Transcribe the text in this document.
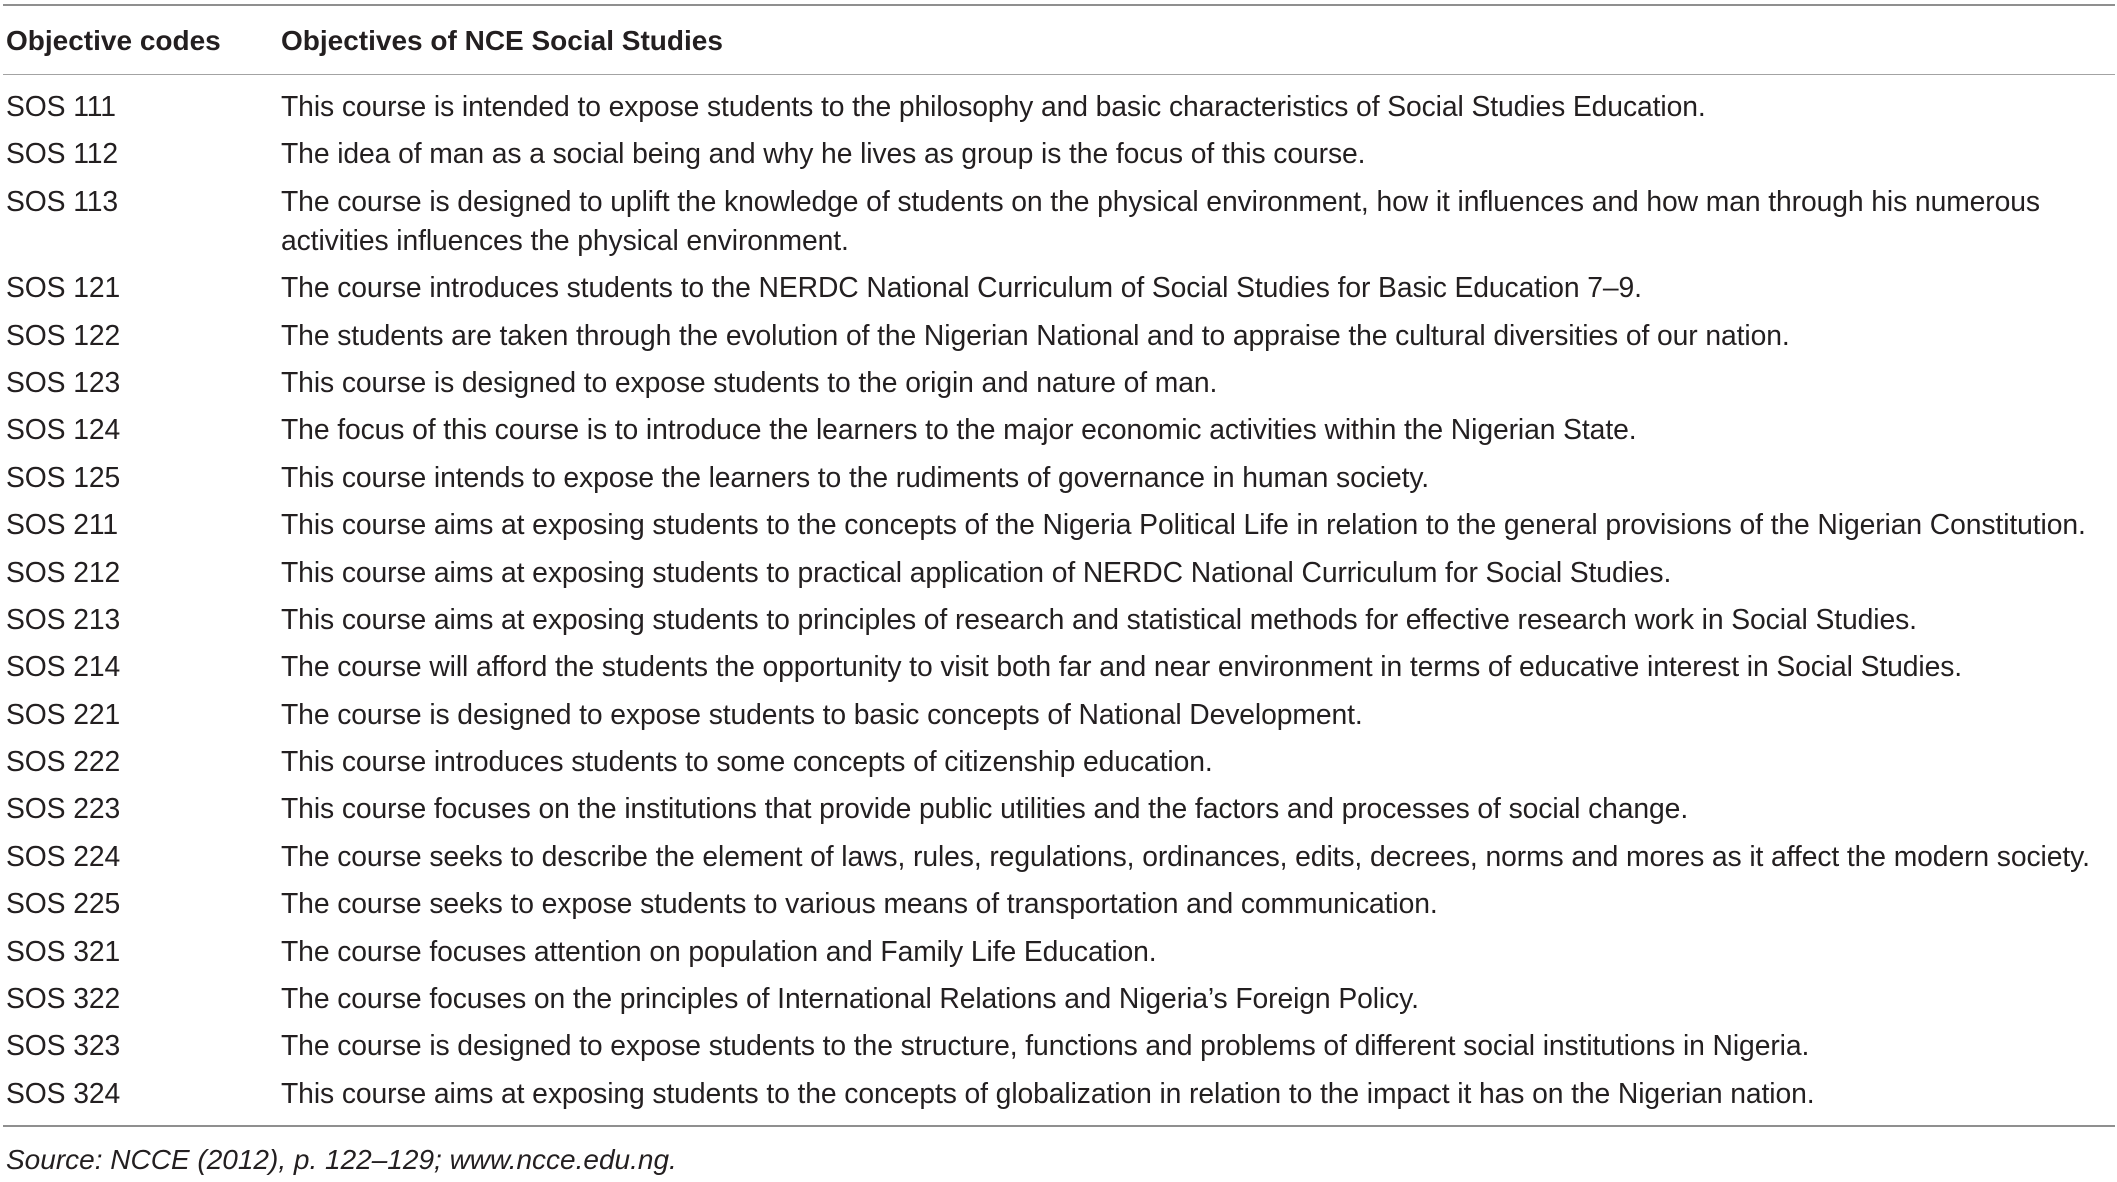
Objective codes	Objectives of NCE Social Studies
SOS 111	This course is intended to expose students to the philosophy and basic characteristics of Social Studies Education.
SOS 112	The idea of man as a social being and why he lives as group is the focus of this course.
SOS 113	The course is designed to uplift the knowledge of students on the physical environment, how it influences and how man through his numerous activities influences the physical environment.
SOS 121	The course introduces students to the NERDC National Curriculum of Social Studies for Basic Education 7–9.
SOS 122	The students are taken through the evolution of the Nigerian National and to appraise the cultural diversities of our nation.
SOS 123	This course is designed to expose students to the origin and nature of man.
SOS 124	The focus of this course is to introduce the learners to the major economic activities within the Nigerian State.
SOS 125	This course intends to expose the learners to the rudiments of governance in human society.
SOS 211	This course aims at exposing students to the concepts of the Nigeria Political Life in relation to the general provisions of the Nigerian Constitution.
SOS 212	This course aims at exposing students to practical application of NERDC National Curriculum for Social Studies.
SOS 213	This course aims at exposing students to principles of research and statistical methods for effective research work in Social Studies.
SOS 214	The course will afford the students the opportunity to visit both far and near environment in terms of educative interest in Social Studies.
SOS 221	The course is designed to expose students to basic concepts of National Development.
SOS 222	This course introduces students to some concepts of citizenship education.
SOS 223	This course focuses on the institutions that provide public utilities and the factors and processes of social change.
SOS 224	The course seeks to describe the element of laws, rules, regulations, ordinances, edits, decrees, norms and mores as it affect the modern society.
SOS 225	The course seeks to expose students to various means of transportation and communication.
SOS 321	The course focuses attention on population and Family Life Education.
SOS 322	The course focuses on the principles of International Relations and Nigeria’s Foreign Policy.
SOS 323	The course is designed to expose students to the structure, functions and problems of different social institutions in Nigeria.
SOS 324	This course aims at exposing students to the concepts of globalization in relation to the impact it has on the Nigerian nation.
Source: NCCE (2012), p. 122–129; www.ncce.edu.ng.
